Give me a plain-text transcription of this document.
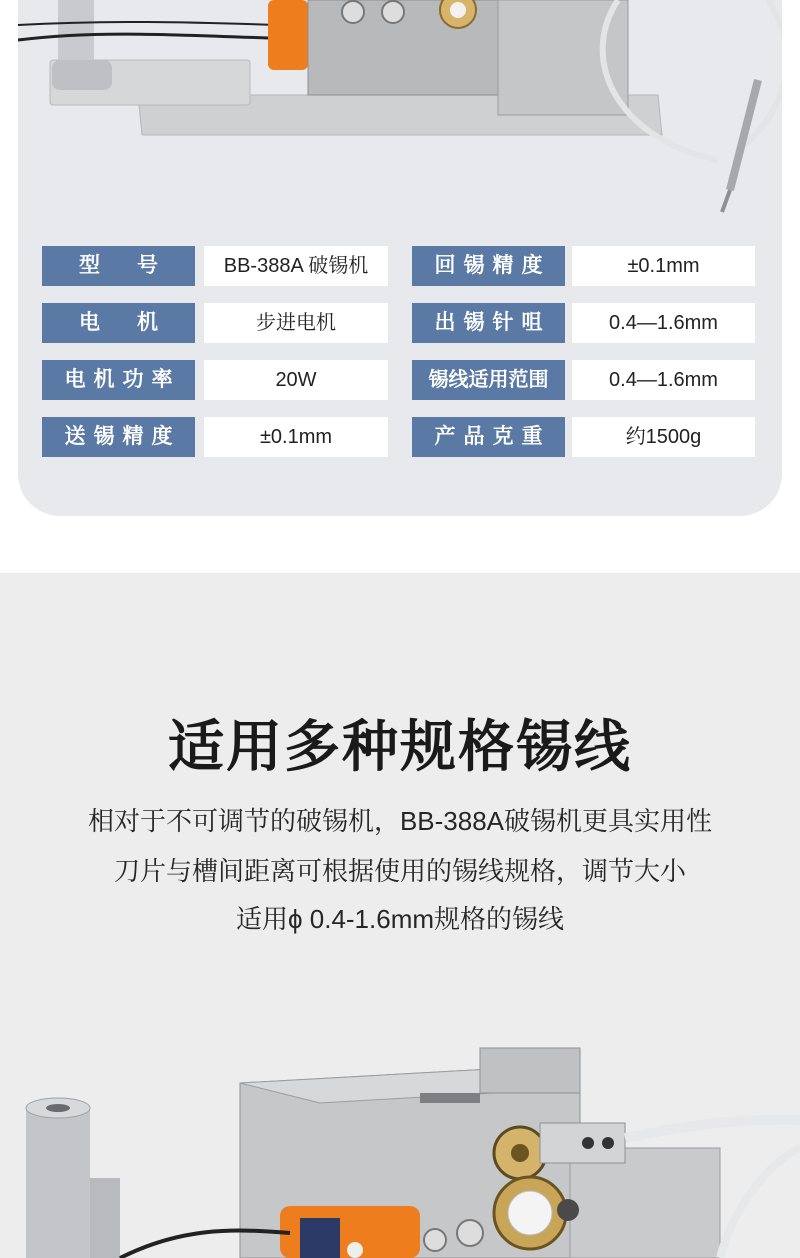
型　号	BB-388A 破锡机	回锡精度	±0.1mm
电　机	步进电机	出锡针咀	0.4—1.6mm
电机功率	20W	锡线适用范围	0.4—1.6mm
送锡精度	±0.1mm	产品克重	约1500g
适用多种规格锡线
相对于不可调节的破锡机，BB-388A破锡机更具实用性
刀片与槽间距离可根据使用的锡线规格，调节大小
适用ϕ 0.4-1.6mm规格的锡线
